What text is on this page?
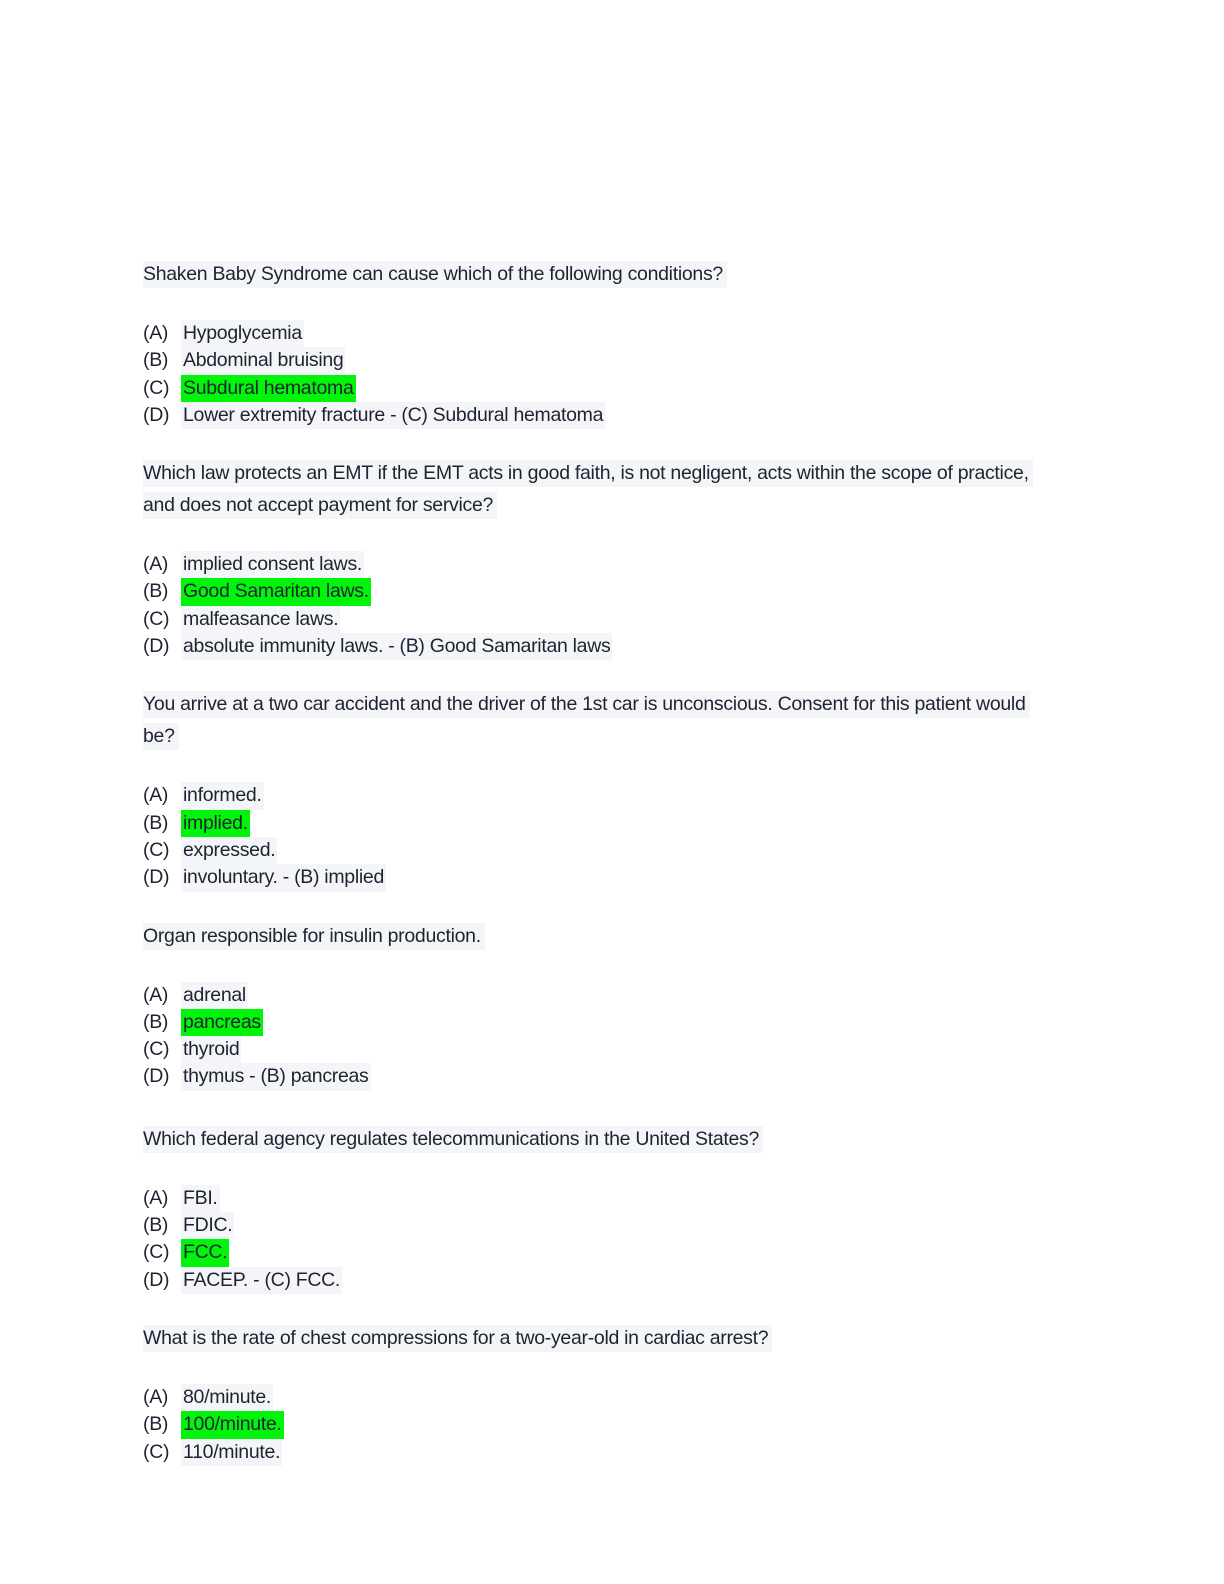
Shaken Baby Syndrome can cause which of the following conditions?
(A) Hypoglycemia
(B) Abdominal bruising
(C) Subdural hematoma
(D) Lower extremity fracture - (C) Subdural hematoma
Which law protects an EMT if the EMT acts in good faith, is not negligent, acts within the scope of practice, and does not accept payment for service?
(A) implied consent laws.
(B) Good Samaritan laws.
(C) malfeasance laws.
(D) absolute immunity laws. - (B) Good Samaritan laws
You arrive at a two car accident and the driver of the 1st car is unconscious. Consent for this patient would be?
(A) informed.
(B) implied.
(C) expressed.
(D) involuntary. - (B) implied
Organ responsible for insulin production.
(A) adrenal
(B) pancreas
(C) thyroid
(D) thymus - (B) pancreas
Which federal agency regulates telecommunications in the United States?
(A) FBI.
(B) FDIC.
(C) FCC.
(D) FACEP. - (C) FCC.
What is the rate of chest compressions for a two-year-old in cardiac arrest?
(A) 80/minute.
(B) 100/minute.
(C) 110/minute.
